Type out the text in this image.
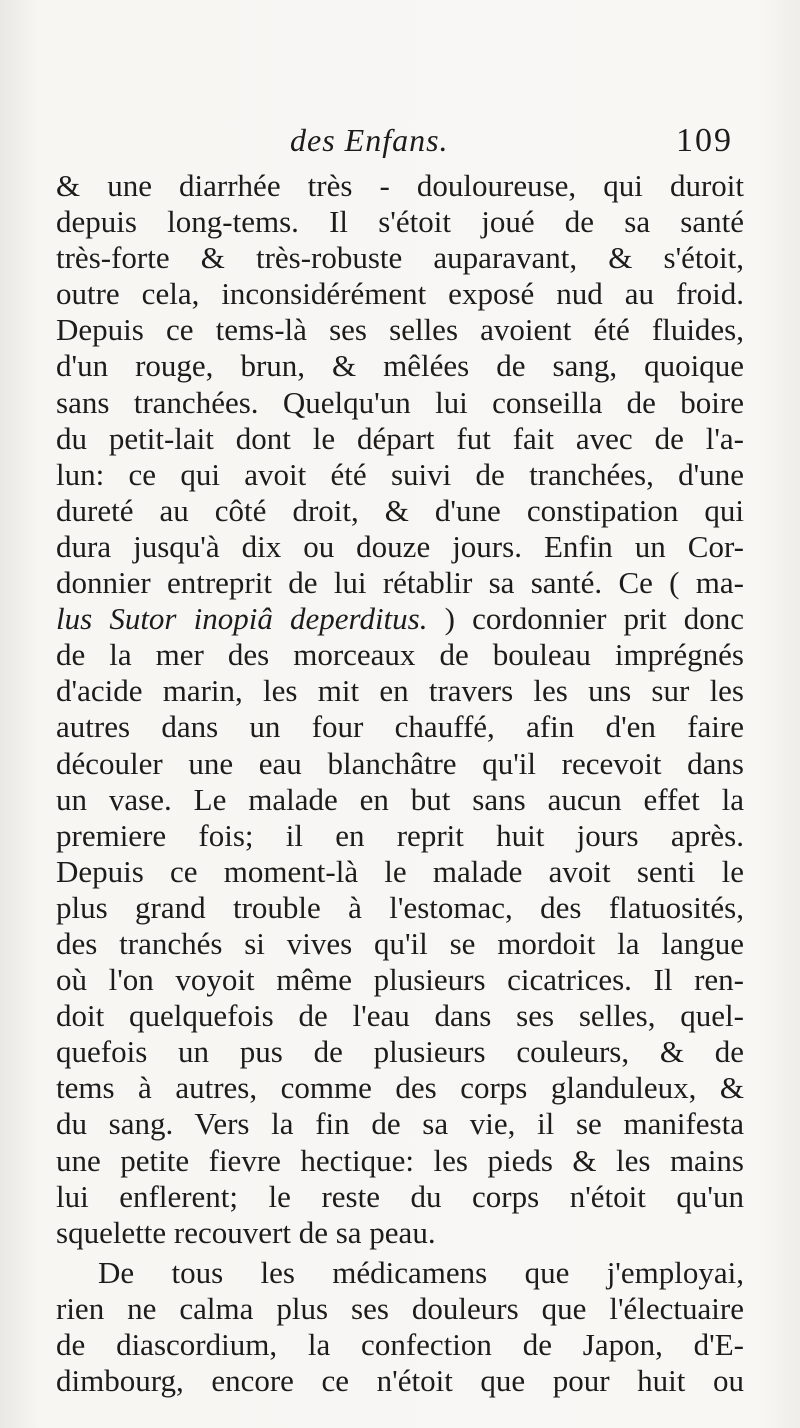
des Enfans.	109
& une diarrhée très - douloureuse, qui duroit
depuis long-tems. Il s'étoit joué de sa santé
très-forte & très-robuste auparavant, & s'étoit,
outre cela, inconsidérément exposé nud au froid.
Depuis ce tems-là ses selles avoient été fluides,
d'un rouge, brun, & mêlées de sang, quoique
sans tranchées. Quelqu'un lui conseilla de boire
du petit-lait dont le départ fut fait avec de l'a-
lun: ce qui avoit été suivi de tranchées, d'une
dureté au côté droit, & d'une constipation qui
dura jusqu'à dix ou douze jours. Enfin un Cor-
donnier entreprit de lui rétablir sa santé. Ce ( ma-
lus Sutor inopiâ deperditus. ) cordonnier prit donc
de la mer des morceaux de bouleau imprégnés
d'acide marin, les mit en travers les uns sur les
autres dans un four chauffé, afin d'en faire
découler une eau blanchâtre qu'il recevoit dans
un vase. Le malade en but sans aucun effet la
premiere fois; il en reprit huit jours après.
Depuis ce moment-là le malade avoit senti le
plus grand trouble à l'estomac, des flatuosités,
des tranchés si vives qu'il se mordoit la langue
où l'on voyoit même plusieurs cicatrices. Il ren-
doit quelquefois de l'eau dans ses selles, quel-
quefois un pus de plusieurs couleurs, & de
tems à autres, comme des corps glanduleux, &
du sang. Vers la fin de sa vie, il se manifesta
une petite fievre hectique: les pieds & les mains
lui enflerent; le reste du corps n'étoit qu'un
squelette recouvert de sa peau.
De tous les médicamens que j'employai,
rien ne calma plus ses douleurs que l'électuaire
de diascordium, la confection de Japon, d'E-
dimbourg, encore ce n'étoit que pour huit ou
